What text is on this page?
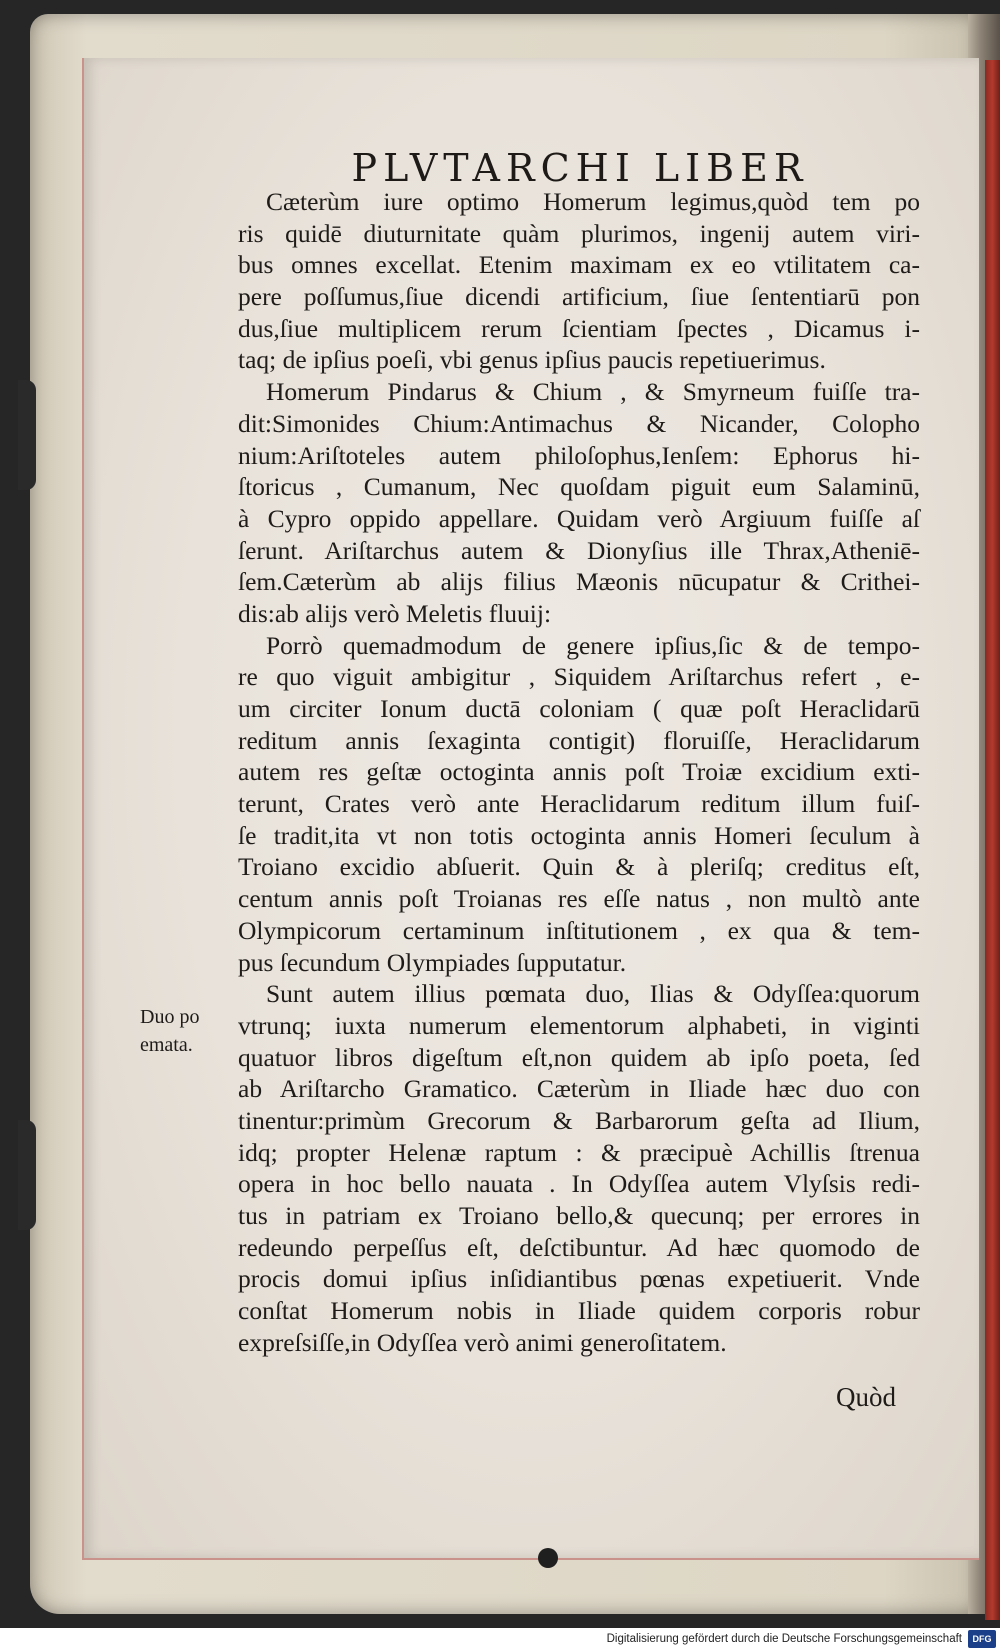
PLVTARCHI LIBER
Cæterùm iure optimo Homerum legimus,quòd tem po
ris quidē diuturnitate quàm plurimos, ingenij autem viri-
bus omnes excellat. Etenim maximam ex eo vtilitatem ca-
pere poſſumus,ſiue dicendi artificium, ſiue ſententiarū pon
dus,ſiue multiplicem rerum ſcientiam ſpectes , Dicamus i-
taq; de ipſius poeſi, vbi genus ipſius paucis repetiuerimus.
Homerum Pindarus & Chium , & Smyrneum fuiſſe tra-
dit:Simonides Chium:Antimachus & Nicander, Colopho
nium:Ariſtoteles autem philoſophus,Ienſem: Ephorus hi-
ſtoricus , Cumanum, Nec quoſdam piguit eum Salaminū,
à Cypro oppido appellare. Quidam verò Argiuum fuiſſe aſ
ſerunt. Ariſtarchus autem & Dionyſius ille Thrax,Atheniē-
ſem.Cæterùm ab alijs filius Mæonis nūcupatur & Crithei-
dis:ab alijs verò Meletis fluuij:
Porrò quemadmodum de genere ipſius,ſic & de tempo-
re quo viguit ambigitur , Siquidem Ariſtarchus refert , e-
um circiter Ionum ductā coloniam ( quæ poſt Heraclidarū
reditum annis ſexaginta contigit) floruiſſe, Heraclidarum
autem res geſtæ octoginta annis poſt Troiæ excidium exti-
terunt, Crates verò ante Heraclidarum reditum illum fuiſ-
ſe tradit,ita vt non totis octoginta annis Homeri ſeculum à
Troiano excidio abſuerit. Quin & à pleriſq; creditus eſt,
centum annis poſt Troianas res eſſe natus , non multò ante
Olympicorum certaminum inſtitutionem , ex qua & tem-
pus ſecundum Olympiades ſupputatur.
Sunt autem illius pœmata duo, Ilias & Odyſſea:quorum
vtrunq; iuxta numerum elementorum alphabeti, in viginti
quatuor libros digeſtum eſt,non quidem ab ipſo poeta, ſed
ab Ariſtarcho Gramatico. Cæterùm in Iliade hæc duo con
tinentur:primùm Grecorum & Barbarorum geſta ad Ilium,
idq; propter Helenæ raptum : & præcipuè Achillis ſtrenua
opera in hoc bello nauata . In Odyſſea autem Vlyſsis redi-
tus in patriam ex Troiano bello,& quecunq; per errores in
redeundo perpeſſus eſt, deſctibuntur. Ad hæc quomodo de
procis domui ipſius inſidiantibus pœnas expetiuerit. Vnde
conſtat Homerum nobis in Iliade quidem corporis robur
expreſsiſſe,in Odyſſea verò animi generoſitatem.
Duo po
emata.
Quòd
Digitalisierung gefördert durch die Deutsche Forschungsgemeinschaft	DFG
